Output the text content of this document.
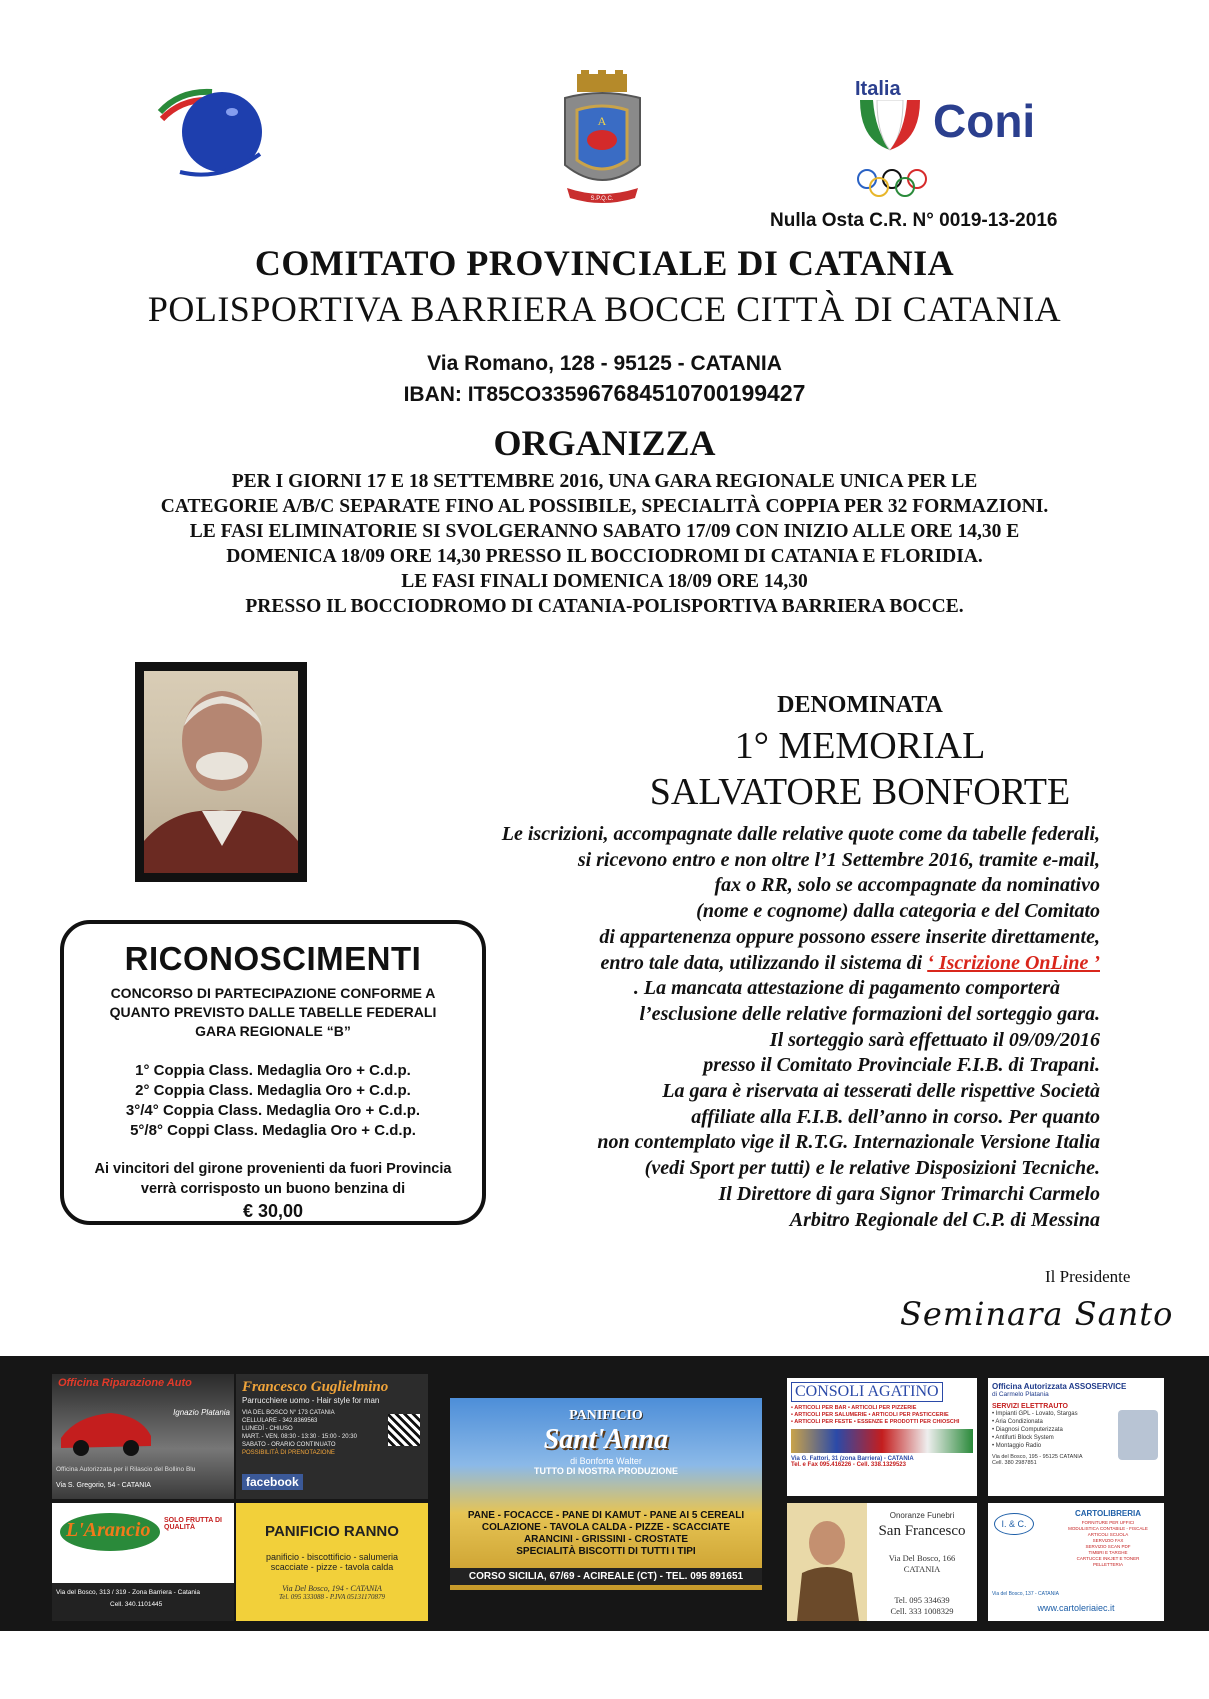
A
S.P.Q.C.
Italia
Coni
Nulla Osta C.R. N° 0019-13-2016
COMITATO PROVINCIALE DI CATANIA
POLISPORTIVA BARRIERA BOCCE CITTÀ DI CATANIA
Via Romano, 128 - 95125 - CATANIA
IBAN: IT85CO335967684510700199427
ORGANIZZA
PER I GIORNI 17 E 18 SETTEMBRE 2016, UNA GARA REGIONALE UNICA PER LE
CATEGORIE A/B/C SEPARATE FINO AL POSSIBILE, SPECIALITÀ COPPIA PER 32 FORMAZIONI.
LE FASI ELIMINATORIE SI SVOLGERANNO SABATO 17/09 CON INIZIO ALLE ORE 14,30 E
DOMENICA 18/09 ORE 14,30 PRESSO IL BOCCIODROMI DI CATANIA E FLORIDIA.
LE FASI FINALI DOMENICA 18/09 ORE 14,30
PRESSO IL BOCCIODROMO DI CATANIA-POLISPORTIVA BARRIERA BOCCE.
DENOMINATA
1° MEMORIAL
SALVATORE BONFORTE
Le iscrizioni, accompagnate dalle relative quote come da tabelle federali,
si ricevono entro e non oltre l’1 Settembre 2016, tramite e-mail,
fax o RR, solo se accompagnate da nominativo
(nome e cognome) dalla categoria e del Comitato
di appartenenza oppure possono essere inserite direttamente,
entro tale data, utilizzando il sistema di ‘ Iscrizione OnLine ’
. La mancata attestazione di pagamento comporterà
l’esclusione delle relative formazioni del sorteggio gara.
Il sorteggio sarà effettuato il 09/09/2016
presso il Comitato Provinciale F.I.B. di Trapani.
La gara è riservata ai tesserati delle rispettive Società
affiliate alla F.I.B. dell’anno in corso. Per quanto
non contemplato vige il R.T.G. Internazionale Versione Italia
(vedi Sport per tutti) e le relative Disposizioni Tecniche.
Il Direttore di gara Signor Trimarchi Carmelo
Arbitro Regionale del C.P. di Messina
RICONOSCIMENTI
CONCORSO DI PARTECIPAZIONE CONFORME A
QUANTO PREVISTO DALLE TABELLE FEDERALI
GARA REGIONALE “B”
1° Coppia Class. Medaglia Oro + C.d.p.
2° Coppia Class. Medaglia Oro + C.d.p.
3°/4° Coppia Class. Medaglia Oro + C.d.p.
5°/8° Coppi Class. Medaglia Oro + C.d.p.
Ai vincitori del girone provenienti da fuori Provincia
verrà corrisposto un buono benzina di
€ 30,00
Il Presidente
Seminara Santo
Officina Riparazione Auto
Ignazio Platania
Officina Autorizzata per il Rilascio del Bollino Blu
Via S. Gregorio, 54 - CATANIA
Francesco Guglielmino
Parrucchiere uomo - Hair style for man
VIA DEL BOSCO N° 173 CATANIA
CELLULARE - 342.8369563
LUNEDÌ - CHIUSO
MART. - VEN. 08:30 - 13:30 · 15:00 - 20:30
SABATO - ORARIO CONTINUATO
POSSIBILITÀ DI PRENOTAZIONE
facebook
PANIFICIO
Sant'Anna
di Bonforte Walter
TUTTO DI NOSTRA PRODUZIONE
PANE - FOCACCE - PANE DI KAMUT - PANE AI 5 CEREALI
COLAZIONE - TAVOLA CALDA - PIZZE - SCACCIATE
ARANCINI - GRISSINI - CROSTATE
SPECIALITÀ BISCOTTI DI TUTTI I TIPI
CORSO SICILIA, 67/69 - ACIREALE (CT) - TEL. 095 891651
CONSOLI AGATINO
• ARTICOLI PER BAR • ARTICOLI PER PIZZERIE
• ARTICOLI PER SALUMERIE • ARTICOLI PER PASTICCERIE
• ARTICOLI PER FESTE • ESSENZE E PRODOTTI PER CHIOSCHI
Via G. Fattori, 31 (zona Barriera) - CATANIA
Tel. e Fax 095.416226 - Cell. 338.1329523
Officina Autorizzata ASSOSERVICE
di Carmelo Platania
SERVIZI ELETTRAUTO
• Impianti GPL - Lovato, Stargas
• Aria Condizionata
• Diagnosi Computerizzata
• Antifurti Block System
• Montaggio Radio
Via del Bosco, 195 - 95125 CATANIA
Cell. 380 2987851
L'Arancio SOLO FRUTTA DI QUALITÀ
Via del Bosco, 313 / 319 - Zona Barriera - Catania
Cell. 340.1101445
PANIFICIO RANNO
panificio - biscottificio - salumeria
scacciate - pizze - tavola calda
Via Del Bosco, 194 - CATANIA
Tel. 095 333088 - P.IVA 05131170879
Onoranze Funebri
San Francesco
Via Del Bosco, 166
CATANIA
Tel. 095 334639
Cell. 333 1008329
I. & C.
CARTOLIBRERIA
FORNITURE PER UFFICI
MODULISTICA CONTABILE - FISCALE
ARTICOLI SCUOLA
SERVIZIO FAX
SERVIZIO SCAN PDF
TIMBRI E TARGHE
CARTUCCE INKJET E TONER
PELLETTERIA
Via del Bosco, 137 - CATANIA
www.cartoleriaiec.it
